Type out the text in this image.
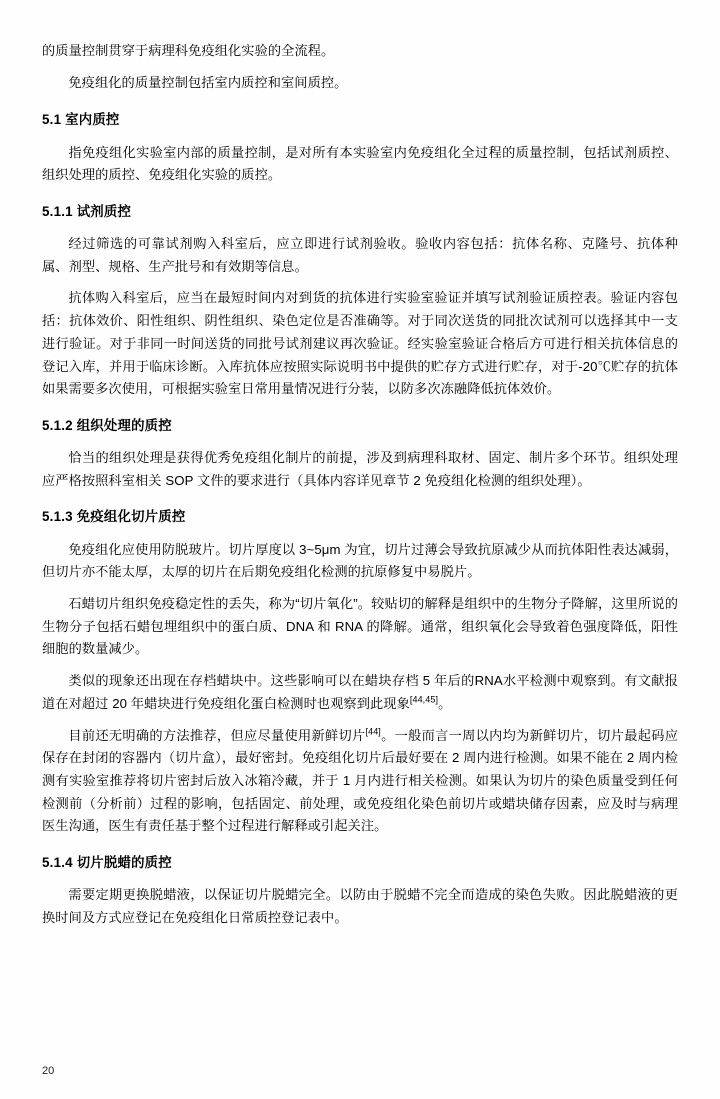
的质量控制贯穿于病理科免疫组化实验的全流程。

免疫组化的质量控制包括室内质控和室间质控。

5.1 室内质控

指免疫组化实验室内部的质量控制，是对所有本实验室内免疫组化全过程的质量控制，包括试剂质控、组织处理的质控、免疫组化实验的质控。

5.1.1 试剂质控

经过筛选的可靠试剂购入科室后，应立即进行试剂验收。验收内容包括：抗体名称、克隆号、抗体种属、剂型、规格、生产批号和有效期等信息。

抗体购入科室后，应当在最短时间内对到货的抗体进行实验室验证并填写试剂验证质控表。验证内容包括：抗体效价、阳性组织、阴性组织、染色定位是否准确等。对于同次送货的同批次试剂可以选择其中一支进行验证。对于非同一时间送货的同批号试剂建议再次验证。经实验室验证合格后方可进行相关抗体信息的登记入库，并用于临床诊断。入库抗体应按照实际说明书中提供的贮存方式进行贮存，对于-20℃贮存的抗体如果需要多次使用，可根据实验室日常用量情况进行分装，以防多次冻融降低抗体效价。

5.1.2 组织处理的质控

恰当的组织处理是获得优秀免疫组化制片的前提，涉及到病理科取材、固定、制片多个环节。组织处理应严格按照科室相关 SOP 文件的要求进行（具体内容详见章节 2 免疫组化检测的组织处理）。

5.1.3 免疫组化切片质控

免疫组化应使用防脱玻片。切片厚度以 3~5μm 为宜，切片过薄会导致抗原减少从而抗体阳性表达减弱，但切片亦不能太厚，太厚的切片在后期免疫组化检测的抗原修复中易脱片。

石蜡切片组织免疫稳定性的丢失，称为“切片氧化”。较贴切的解释是组织中的生物分子降解，这里所说的生物分子包括石蜡包埋组织中的蛋白质、DNA 和 RNA 的降解。通常，组织氧化会导致着色强度降低，阳性细胞的数量减少。

类似的现象还出现在存档蜡块中。这些影响可以在蜡块存档 5 年后的RNA水平检测中观察到。有文献报道在对超过 20 年蜡块进行免疫组化蛋白检测时也观察到此现象[44,45]。

目前还无明确的方法推荐，但应尽量使用新鲜切片[44]。一般而言一周以内均为新鲜切片，切片最起码应保存在封闭的容器内（切片盒），最好密封。免疫组化切片后最好要在 2 周内进行检测。如果不能在 2 周内检测有实验室推荐将切片密封后放入冰箱冷藏，并于 1 月内进行相关检测。如果认为切片的染色质量受到任何检测前（分析前）过程的影响，包括固定、前处理，或免疫组化染色前切片或蜡块储存因素，应及时与病理医生沟通，医生有责任基于整个过程进行解释或引起关注。

5.1.4 切片脱蜡的质控

需要定期更换脱蜡液，以保证切片脱蜡完全。以防由于脱蜡不完全而造成的染色失败。因此脱蜡液的更换时间及方式应登记在免疫组化日常质控登记表中。

20
